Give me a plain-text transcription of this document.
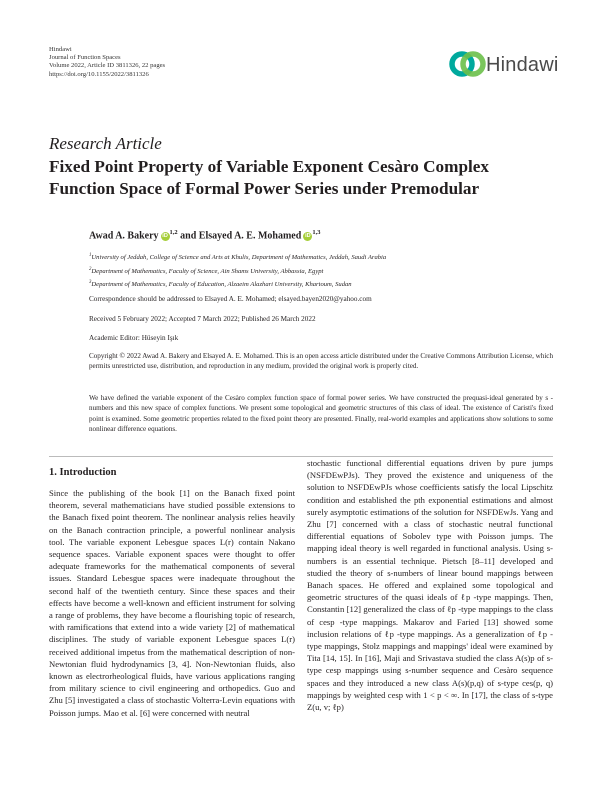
Hindawi
Journal of Function Spaces
Volume 2022, Article ID 3811326, 22 pages
https://doi.org/10.1155/2022/3811326	Hindawi
Research Article
Fixed Point Property of Variable Exponent Cesàro Complex Function Space of Formal Power Series under Premodular
Awad A. Bakery iD$^{1,2}$ and Elsayed A. E. Mohamed iD$^{1,3}$
$^1$University of Jeddah, College of Science and Arts at Khulis, Department of Mathematics, Jeddah, Saudi Arabia
$^2$Department of Mathematics, Faculty of Science, Ain Shams University, Abbassia, Egypt
$^3$Department of Mathematics, Faculty of Education, Alzaeim Alazhari University, Khartoum, Sudan
Correspondence should be addressed to Elsayed A. E. Mohamed; elsayed.bayen2020@yahoo.com
Received 5 February 2022; Accepted 7 March 2022; Published 26 March 2022
Academic Editor: Hüseyin Işık
Copyright © 2022 Awad A. Bakery and Elsayed A. E. Mohamed. This is an open access article distributed under the Creative Commons Attribution License, which permits unrestricted use, distribution, and reproduction in any medium, provided the original work is properly cited.
We have defined the variable exponent of the Cesàro complex function space of formal power series. We have constructed the prequasi-ideal generated by s -numbers and this new space of complex functions. We present some topological and geometric structures of this class of ideal. The existence of Caristi's fixed point is examined. Some geometric properties related to the fixed point theory are presented. Finally, real-world examples and applications show solutions to some nonlinear difference equations.
1. Introduction
Since the publishing of the book [1] on the Banach fixed point theorem, several mathematicians have studied possible extensions to the Banach fixed point theorem. The nonlinear analysis relies heavily on the Banach contraction principle, a powerful nonlinear analysis tool. The variable exponent Lebesgue spaces L(r) contain Nakano sequence spaces. Variable exponent spaces were thought to offer adequate frameworks for the mathematical components of several issues. Standard Lebesgue spaces were inadequate throughout the second half of the twentieth century. Since these spaces and their effects have become a well-known and efficient instrument for solving a range of problems, they have become a flourishing topic of research, with ramifications that extend into a wide variety [2] of mathematical disciplines. The study of variable exponent Lebesgue spaces L(r) received additional impetus from the mathematical description of non-Newtonian fluid hydrodynamics [3, 4]. Non-Newtonian fluids, also known as electrorheological fluids, have various applications ranging from military science to civil engineering and orthopedics. Guo and Zhu [5] investigated a class of stochastic Volterra-Levin equations with Poisson jumps. Mao et al. [6] were concerned with neutral
stochastic functional differential equations driven by pure jumps (NSFDEwPJs). They proved the existence and uniqueness of the solution to NSFDEwPJs whose coefficients satisfy the local Lipschitz condition and established the pth exponential estimations and almost surely asymptotic estimations of the solution for NSFDEwJs. Yang and Zhu [7] concerned with a class of stochastic neutral functional differential equations of Sobolev type with Poisson jumps. The mapping ideal theory is well regarded in functional analysis. Using s-numbers is an essential technique. Pietsch [8–11] developed and studied the theory of s-numbers of linear bound mappings between Banach spaces. He offered and explained some topological and geometric structures of the quasi ideals of ℓp -type mappings. Then, Constantin [12] generalized the class of ℓp -type mappings to the class of cesp -type mappings. Makarov and Faried [13] showed some inclusion relations of ℓp -type mappings. As a generalization of ℓp -type mappings, Stolz mappings and mappings' ideal were examined by Tita [14, 15]. In [16], Maji and Srivastava studied the class A(s)p of s-type cesp mappings using s-number sequence and Cesàro sequence spaces and they introduced a new class A(s)(p,q) of s-type ces(p, q) mappings by weighted cesp with 1 < p < ∞. In [17], the class of s-type Z(u, v; ℓp)
